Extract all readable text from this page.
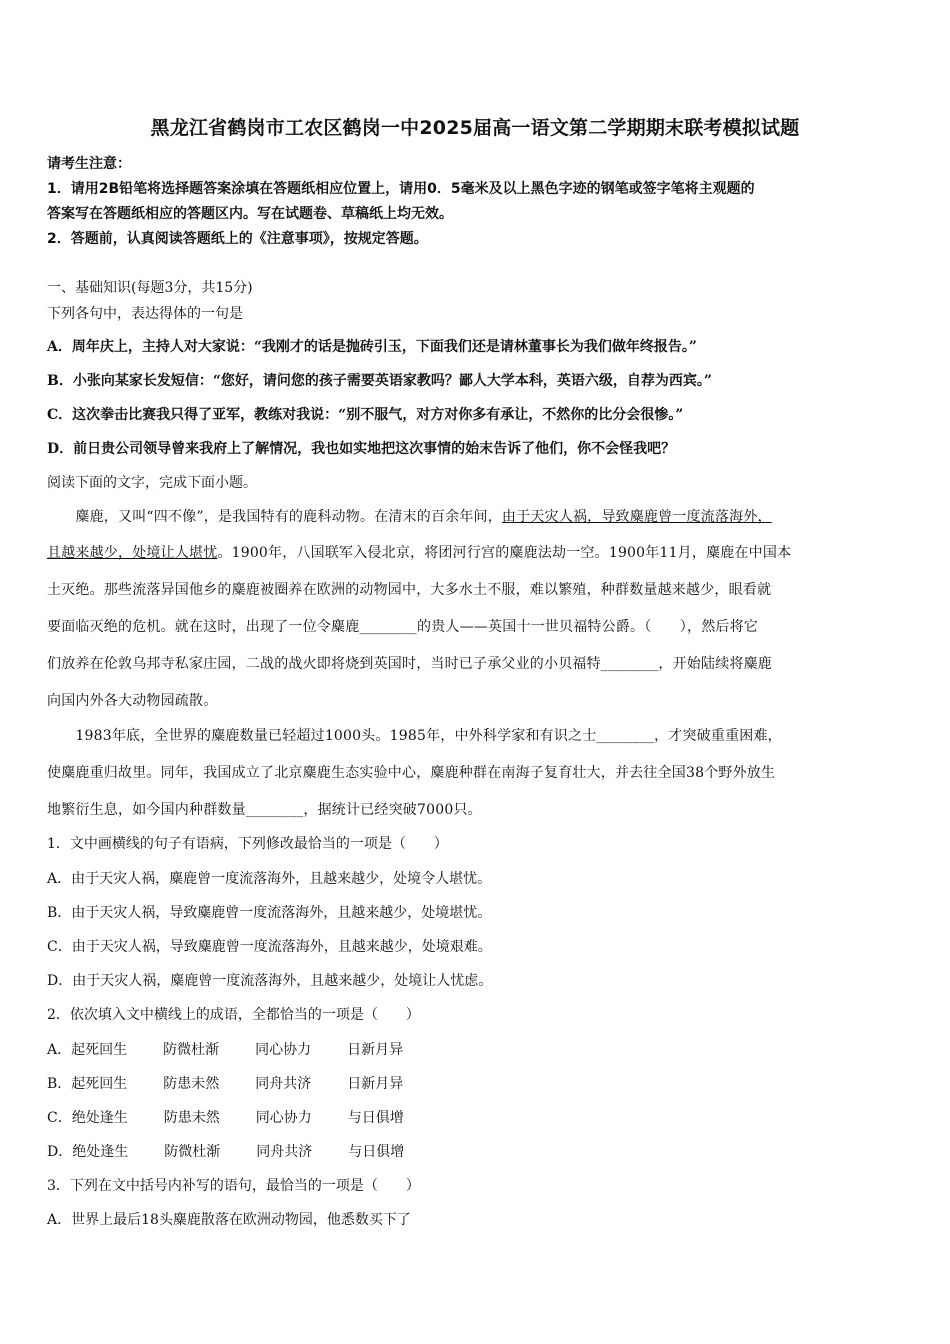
黑龙江省鹤岗市工农区鹤岗一中2025届高一语文第二学期期末联考模拟试题
请考生注意：
1．请用2B铅笔将选择题答案涂填在答题纸相应位置上，请用0．5毫米及以上黑色字迹的钢笔或签字笔将主观题的
答案写在答题纸相应的答题区内。写在试题卷、草稿纸上均无效。
2．答题前，认真阅读答题纸上的《注意事项》，按规定答题。
一、基础知识(每题3分，共15分)
下列各句中，表达得体的一句是
A．周年庆上，主持人对大家说：“我刚才的话是抛砖引玉，下面我们还是请林董事长为我们做年终报告。”
B．小张向某家长发短信：“您好，请问您的孩子需要英语家教吗？鄙人大学本科，英语六级，自荐为西宾。”
C．这次拳击比赛我只得了亚军，教练对我说：“别不服气，对方对你多有承让，不然你的比分会很惨。”
D．前日贵公司领导曾来我府上了解情况，我也如实地把这次事情的始末告诉了他们，你不会怪我吧？
阅读下面的文字，完成下面小题。
　　麋鹿，又叫“四不像”，是我国特有的鹿科动物。在清末的百余年间，由于天灾人祸，导致麋鹿曾一度流落海外，
且越来越少，处境让人堪忧。1900年，八国联军入侵北京，将团河行宫的麋鹿法劫一空。1900年11月，麋鹿在中国本
土灭绝。那些流落异国他乡的麋鹿被圈养在欧洲的动物园中，大多水土不服，难以繁殖，种群数量越来越少，眼看就
要面临灭绝的危机。就在这时，出现了一位令麋鹿________的贵人——英国十一世贝福特公爵。（　　），然后将它
们放养在伦敦乌邦寺私家庄园，二战的战火即将烧到英国时，当时已子承父业的小贝福特________，开始陆续将麋鹿
向国内外各大动物园疏散。
　　1983年底，全世界的麋鹿数量已轻超过1000头。1985年，中外科学家和有识之士________，才突破重重困难，
使麋鹿重归故里。同年，我国成立了北京麋鹿生态实验中心，麋鹿种群在南海子复育壮大，并去往全国38个野外放生
地繁衍生息，如今国内种群数量________，据统计已经突破7000只。
1．文中画横线的句子有语病，下列修改最恰当的一项是（　　）
A．由于天灾人祸，麋鹿曾一度流落海外，且越来越少，处境令人堪忧。
B．由于天灾人祸，导致麋鹿曾一度流落海外，且越来越少，处境堪忧。
C．由于天灾人祸，导致麋鹿曾一度流落海外，且越来越少，处境艰难。
D．由于天灾人祸，麋鹿曾一度流落海外，且越来越少，处境让人忧虑。
2．依次填入文中横线上的成语，全都恰当的一项是（　　）
A．起死回生	防微杜渐	同心协力	日新月异
B．起死回生	防患未然	同舟共济	日新月异
C．绝处逢生	防患未然	同心协力	与日俱增
D．绝处逢生	防微杜渐	同舟共济	与日俱增
3．下列在文中括号内补写的语句，最恰当的一项是（　　）
A．世界上最后18头麋鹿散落在欧洲动物园，他悉数买下了
